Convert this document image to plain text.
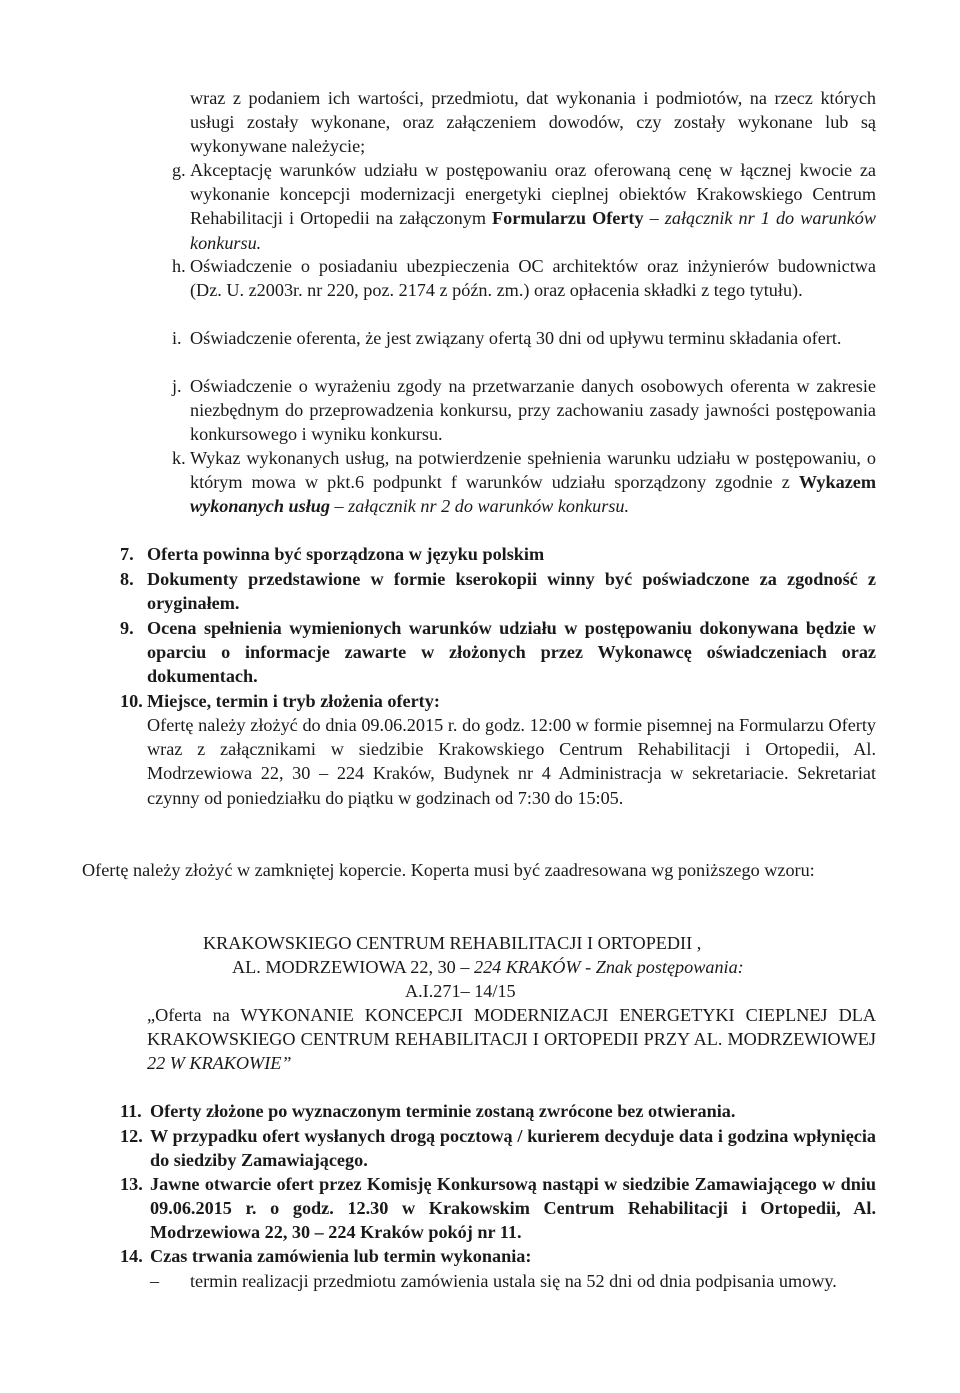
wraz z podaniem ich wartości, przedmiotu, dat wykonania i podmiotów, na rzecz których usługi zostały wykonane, oraz załączeniem dowodów, czy zostały wykonane lub są wykonywane należycie;

g. Akceptację warunków udziału w postępowaniu oraz oferowaną cenę w łącznej kwocie za wykonanie koncepcji modernizacji energetyki cieplnej obiektów Krakowskiego Centrum Rehabilitacji i Ortopedii na załączonym Formularzu Oferty – załącznik nr 1 do warunków konkursu.

h. Oświadczenie o posiadaniu ubezpieczenia OC architektów oraz inżynierów budownictwa (Dz. U. z2003r. nr 220, poz. 2174 z późn. zm.) oraz opłacenia składki z tego tytułu).

i. Oświadczenie oferenta, że jest związany ofertą 30 dni od upływu terminu składania ofert.

j. Oświadczenie o wyrażeniu zgody na przetwarzanie danych osobowych oferenta w zakresie niezbędnym do przeprowadzenia konkursu, przy zachowaniu zasady jawności postępowania konkursowego i wyniku konkursu.

k. Wykaz wykonanych usług, na potwierdzenie spełnienia warunku udziału w postępowaniu, o którym mowa w pkt.6 podpunkt f warunków udziału sporządzony zgodnie z Wykazem wykonanych usług – załącznik nr 2 do warunków konkursu.

7. Oferta powinna być sporządzona w języku polskim

8. Dokumenty przedstawione w formie kserokopii winny być poświadczone za zgodność z oryginałem.

9. Ocena spełnienia wymienionych warunków udziału w postępowaniu dokonywana będzie w oparciu o informacje zawarte w złożonych przez Wykonawcę oświadczeniach oraz dokumentach.

10. Miejsce, termin i tryb złożenia oferty:

Ofertę należy złożyć do dnia 09.06.2015 r. do godz. 12:00 w formie pisemnej na Formularzu Oferty wraz z załącznikami w siedzibie Krakowskiego Centrum Rehabilitacji i Ortopedii, Al. Modrzewiowa 22, 30 – 224 Kraków, Budynek nr 4 Administracja w sekretariacie. Sekretariat czynny od poniedziałku do piątku w godzinach od 7:30 do 15:05.

Ofertę należy złożyć w zamkniętej kopercie. Koperta musi być zaadresowana wg poniższego wzoru:

KRAKOWSKIEGO CENTRUM REHABILITACJI I ORTOPEDII ,

AL. MODRZEWIOWA 22, 30 – 224 KRAKÓW - Znak postępowania:

A.I.271– 14/15

„Oferta na WYKONANIE KONCEPCJI MODERNIZACJI ENERGETYKI CIEPLNEJ DLA KRAKOWSKIEGO CENTRUM REHABILITACJI I ORTOPEDII PRZY AL. MODRZEWIOWEJ 22 W KRAKOWIE”

11. Oferty złożone po wyznaczonym terminie zostaną zwrócone bez otwierania.

12. W przypadku ofert wysłanych drogą pocztową / kurierem decyduje data i godzina wpłynięcia do siedziby Zamawiającego.

13. Jawne otwarcie ofert przez Komisję Konkursową nastąpi w siedzibie Zamawiającego w dniu 09.06.2015 r. o godz. 12.30 w Krakowskim Centrum Rehabilitacji i Ortopedii, Al. Modrzewiowa 22, 30 – 224 Kraków pokój nr 11.

14. Czas trwania zamówienia lub termin wykonania:

– termin realizacji przedmiotu zamówienia ustala się na 52 dni od dnia podpisania umowy.
